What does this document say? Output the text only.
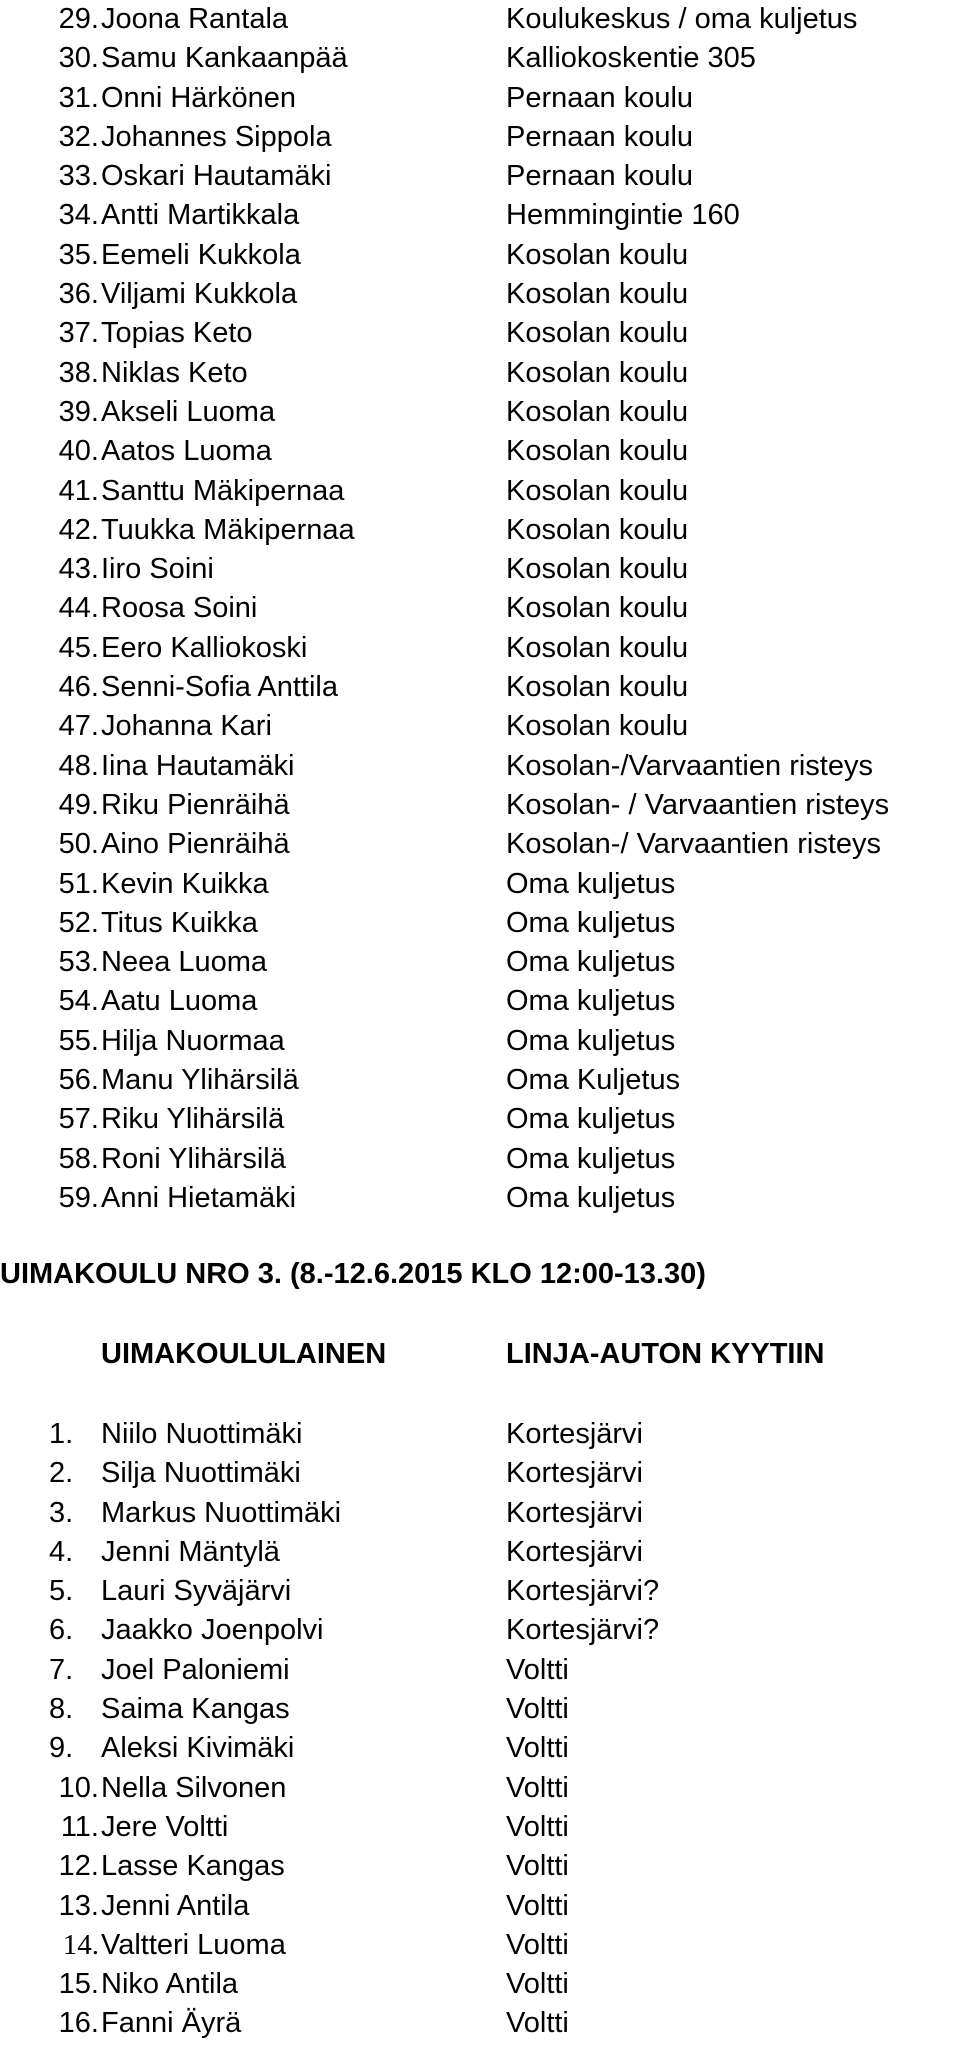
29. Joona Rantala	Koulukeskus / oma kuljetus
30. Samu Kankaanpää	Kalliokoskentie 305
31. Onni Härkönen	Pernaan koulu
32. Johannes Sippola	Pernaan koulu
33. Oskari Hautamäki	Pernaan koulu
34. Antti Martikkala	Hemmingintie 160
35. Eemeli Kukkola	Kosolan koulu
36. Viljami Kukkola	Kosolan koulu
37. Topias Keto	Kosolan koulu
38. Niklas Keto	Kosolan koulu
39. Akseli Luoma	Kosolan koulu
40. Aatos Luoma	Kosolan koulu
41. Santtu Mäkipernaa	Kosolan koulu
42. Tuukka Mäkipernaa	Kosolan koulu
43. Iiro Soini	Kosolan koulu
44. Roosa Soini	Kosolan koulu
45. Eero Kalliokoski	Kosolan koulu
46. Senni-Sofia Anttila	Kosolan koulu
47. Johanna Kari	Kosolan koulu
48. Iina Hautamäki	Kosolan-/Varvaantien risteys
49. Riku Pienräihä	Kosolan- / Varvaantien risteys
50. Aino Pienräihä	Kosolan-/ Varvaantien risteys
51. Kevin Kuikka	Oma kuljetus
52. Titus Kuikka	Oma kuljetus
53. Neea Luoma	Oma kuljetus
54. Aatu Luoma	Oma kuljetus
55. Hilja Nuormaa	Oma kuljetus
56. Manu Ylihärsilä	Oma Kuljetus
57. Riku Ylihärsilä	Oma kuljetus
58. Roni Ylihärsilä	Oma kuljetus
59. Anni Hietamäki	Oma kuljetus
UIMAKOULU NRO 3. (8.-12.6.2015 KLO 12:00-13.30)
UIMAKOULULAINEN	LINJA-AUTON KYYTIIN
1. Niilo Nuottimäki	Kortesjärvi
2. Silja Nuottimäki	Kortesjärvi
3. Markus Nuottimäki	Kortesjärvi
4. Jenni Mäntylä	Kortesjärvi
5. Lauri Syväjärvi	Kortesjärvi?
6. Jaakko Joenpolvi	Kortesjärvi?
7. Joel Paloniemi	Voltti
8. Saima Kangas	Voltti
9. Aleksi Kivimäki	Voltti
10. Nella Silvonen	Voltti
11. Jere Voltti	Voltti
12. Lasse Kangas	Voltti
13. Jenni Antila	Voltti
14. Valtteri Luoma	Voltti
15. Niko Antila	Voltti
16. Fanni Äyrä	Voltti
